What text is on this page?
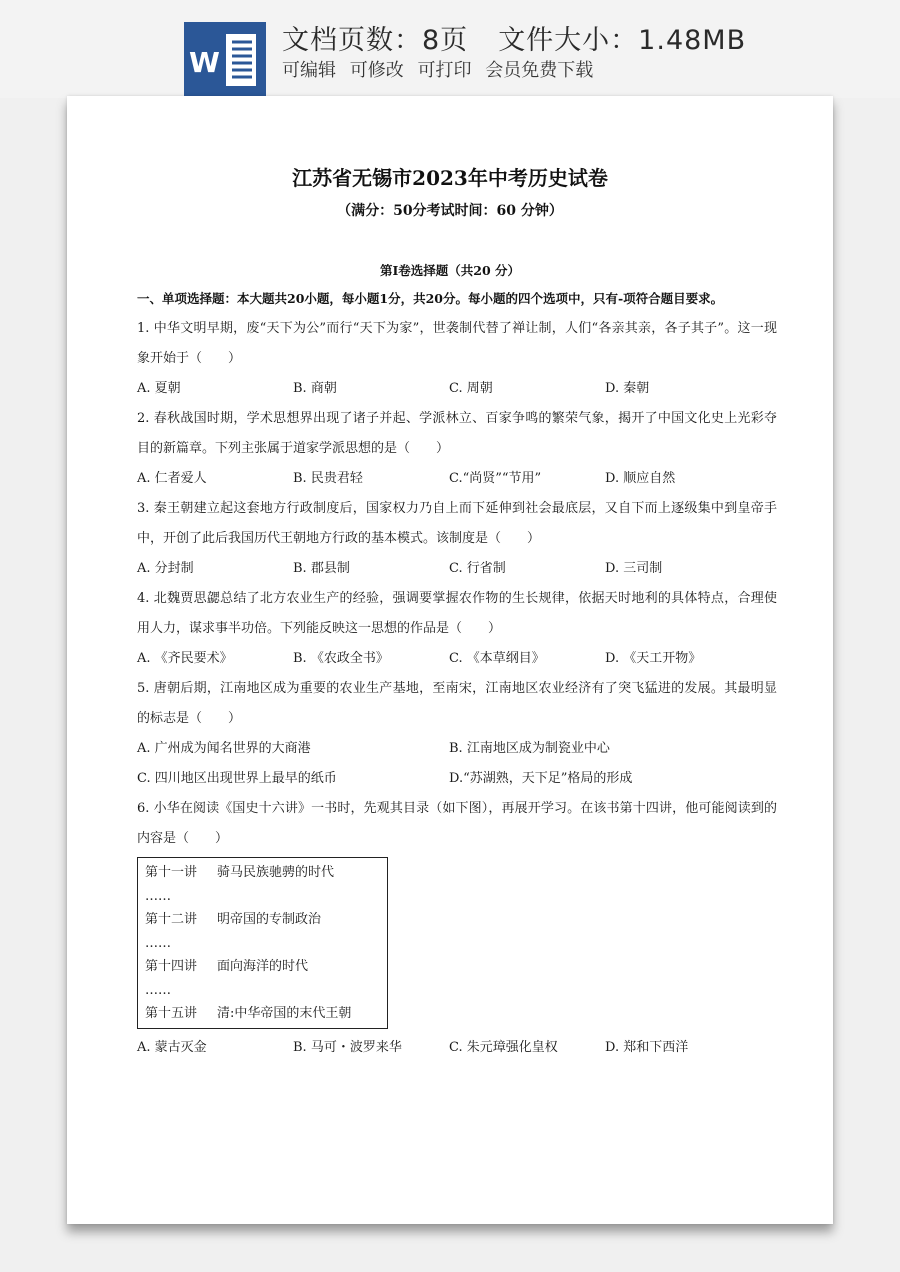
W
文档页数：8页 文件大小：1.48MB
可编辑 可修改 可打印 会员免费下载
江苏省无锡市2023年中考历史试卷
（满分：50分考试时间：60 分钟）
第I卷选择题（共20 分）
一、单项选择题：本大题共20小题，每小题1分，共20分。每小题的四个选项中，只有-项符合题目要求。

1. 中华文明早期，废“天下为公”而行“天下为家”，世袭制代替了禅让制，人们“各亲其亲，各子其子”。这一现象开始于（　　）

A. 夏朝	B. 商朝	C. 周朝	D. 秦朝

2. 春秋战国时期，学术思想界出现了诸子并起、学派林立、百家争鸣的繁荣气象，揭开了中国文化史上光彩夺目的新篇章。下列主张属于道家学派思想的是（　　）

A. 仁者爱人	B. 民贵君轻	C.“尚贤”“节用”	D. 顺应自然

3. 秦王朝建立起这套地方行政制度后，国家权力乃自上而下延伸到社会最底层，又自下而上逐级集中到皇帝手中，开创了此后我国历代王朝地方行政的基本模式。该制度是（　　）

A. 分封制	B. 郡县制	C. 行省制	D. 三司制

4. 北魏贾思勰总结了北方农业生产的经验，强调要掌握农作物的生长规律，依据天时地利的具体特点，合理使用人力，谋求事半功倍。下列能反映这一思想的作品是（　　）

A. 《齐民要术》	B. 《农政全书》	C. 《本草纲目》	D. 《天工开物》

5. 唐朝后期，江南地区成为重要的农业生产基地，至南宋，江南地区农业经济有了突飞猛进的发展。其最明显的标志是（　　）

A. 广州成为闻名世界的大商港	B. 江南地区成为制瓷业中心
C. 四川地区出现世界上最早的纸币	D.“苏湖熟，天下足”格局的形成

6. 小华在阅读《国史十六讲》一书时，先观其目录（如下图），再展开学习。在该书第十四讲，他可能阅读到的内容是（　　）

第十一讲 骑马民族驰骋的时代
……
第十二讲 明帝国的专制政治
……
第十四讲 面向海洋的时代
……
第十五讲 清:中华帝国的末代王朝
A. 蒙古灭金	B. 马可・波罗来华	C. 朱元璋强化皇权	D. 郑和下西洋
